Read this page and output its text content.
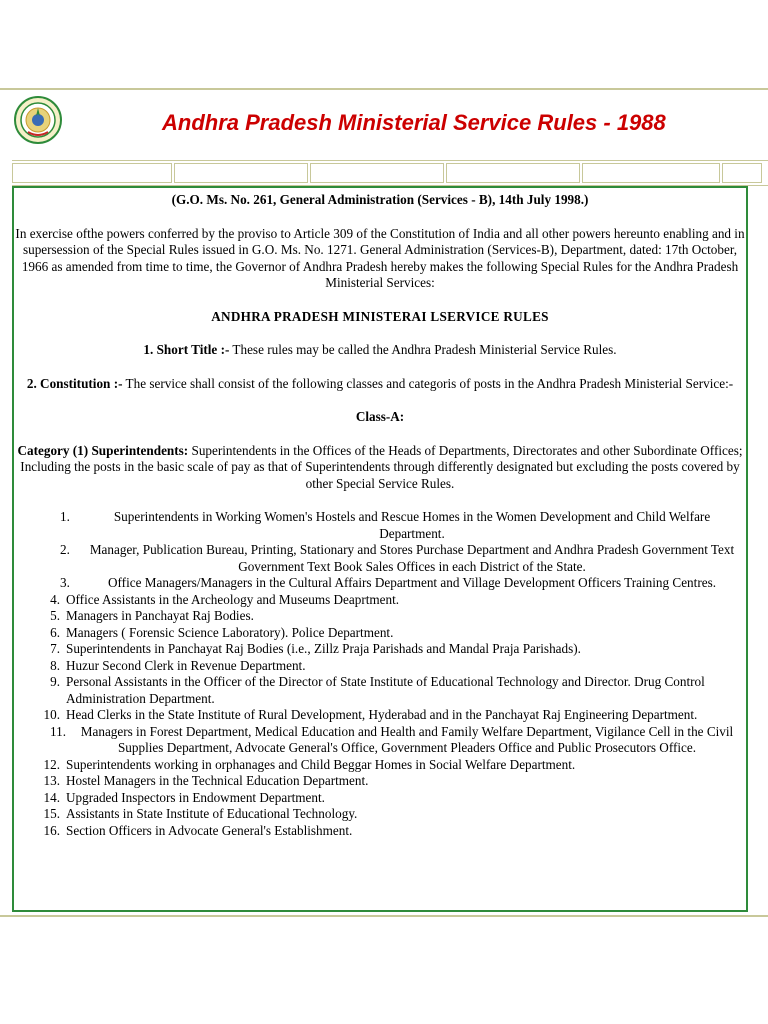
Andhra Pradesh Ministerial Service Rules - 1988

(G.O. Ms. No. 261, General Administration (Services - B), 14th July 1998.)

In exercise ofthe powers conferred by the proviso to Article 309 of the Constitution of India and all other powers hereunto enabling and in supersession of the Special Rules issued in G.O. Ms. No. 1271. General Administration (Services-B), Department, dated: 17th October, 1966 as amended from time to time, the Governor of Andhra Pradesh hereby makes the following Special Rules for the Andhra Pradesh Ministerial Services:

ANDHRA PRADESH MINISTERAI LSERVICE RULES

1. Short Title :- These rules may be called the Andhra Pradesh Ministerial Service Rules.

2. Constitution :- The service shall consist of the following classes and categoris of posts in the Andhra Pradesh Ministerial Service:-

Class-A:

Category (1) Superintendents: Superintendents in the Offices of the Heads of Departments, Directorates and other Subordinate Offices; Including the posts in the basic scale of pay as that of Superintendents through differently designated but excluding the posts covered by other Special Service Rules.

1.	Superintendents in Working Women's Hostels and Rescue Homes in the Women Development and Child Welfare Department.
2. Manager, Publication Bureau, Printing, Stationary and Stores Purchase Department and Andhra Pradesh Government Text Government Text Book Sales Offices in each District of the State.
3.	Office Managers/Managers in the Cultural Affairs Department and Village Development Officers Training Centres.
4. Office Assistants in the Archeology and Museums Deaprtment.
5. Managers in Panchayat Raj Bodies.
6. Managers ( Forensic Science Laboratory). Police Department.
7. Superintendents in Panchayat Raj Bodies (i.e., Zillz Praja Parishads and Mandal Praja Parishads).
8. Huzur Second Clerk in Revenue Department.
9. Personal Assistants in the Officer of the Director of State Institute of Educational Technology and Director. Drug Control Administration Department.
10. Head Clerks in the State Institute of Rural Development, Hyderabad and in the Panchayat Raj Engineering Department.
11. Managers in Forest Department, Medical Education and Health and Family Welfare Department, Vigilance Cell in the Civil Supplies Department, Advocate General's Office, Government Pleaders Office and Public Prosecutors Office.
12. Superintendents working in orphanages and Child Beggar Homes in Social Welfare Department.
13. Hostel Managers in the Technical Education Department.
14. Upgraded Inspectors in Endowment Department.
15. Assistants in State Institute of Educational Technology.
16. Section Officers in Advocate General's Establishment.
